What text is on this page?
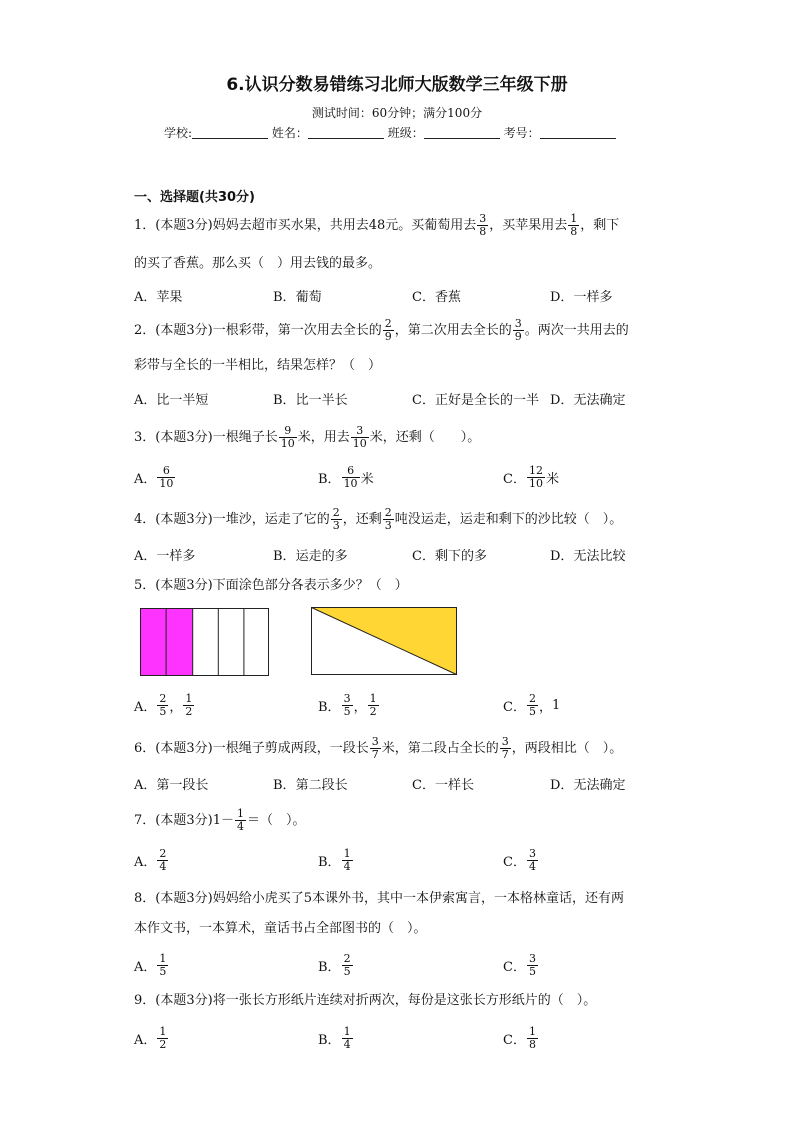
6.认识分数易错练习北师大版数学三年级下册
测试时间：60分钟；满分100分
学校:	姓名：	班级：	考号：
一、选择题(共30分)
1．(本题3分)妈妈去超市买水果，共用去48元。买葡萄用去 $\frac{3}{8}$ ，买苹果用去 $\frac{1}{8}$ ，剩下
的买了香蕉。那么买（　）用去钱的最多。
A． 苹果	B． 葡萄	C． 香蕉	D． 一样多
2．(本题3分)一根彩带，第一次用去全长的 $\frac{2}{9}$ ，第二次用去全长的 $\frac{3}{9}$ 。两次一共用去的
彩带与全长的一半相比，结果怎样？（　）
A． 比一半短	B． 比一半长	C． 正好是全长的一半 D． 无法确定
3．(本题3分)一根绳子长 $\frac{9}{10}$ 米，用去 $\frac{3}{10}$ 米，还剩（　　）。
A． $\frac{6}{10}$	B． $\frac{6}{10}$ 米	C． $\frac{12}{10}$ 米
4．(本题3分)一堆沙，运走了它的 $\frac{2}{3}$ ，还剩 $\frac{2}{3}$ 吨没运走，运走和剩下的沙比较（　）。
A． 一样多	B． 运走的多	C． 剩下的多	D． 无法比较
5．(本题3分)下面涂色部分各表示多少？（　）
A． $\frac{2}{5}$ ， $\frac{1}{2}$	B． $\frac{3}{5}$ ， $\frac{1}{2}$	C． $\frac{2}{5}$ ， 1
6．(本题3分)一根绳子剪成两段，一段长 $\frac{3}{7}$ 米，第二段占全长的 $\frac{3}{7}$ ，两段相比（　）。
A． 第一段长	B． 第二段长	C． 一样长	D． 无法确定
7．(本题3分)$1- \frac{1}{4}$ ＝（　）。
A． $\frac{2}{4}$	B． $\frac{1}{4}$	C． $\frac{3}{4}$
8．(本题3分)妈妈给小虎买了5本课外书，其中一本伊索寓言，一本格林童话，还有两
本作文书，一本算术，童话书占全部图书的（　）。
A． $\frac{1}{5}$	B． $\frac{2}{5}$	C． $\frac{3}{5}$
9．(本题3分)将一张长方形纸片连续对折两次，每份是这张长方形纸片的（　）。
A． $\frac{1}{2}$	B． $\frac{1}{4}$	C． $\frac{1}{8}$
